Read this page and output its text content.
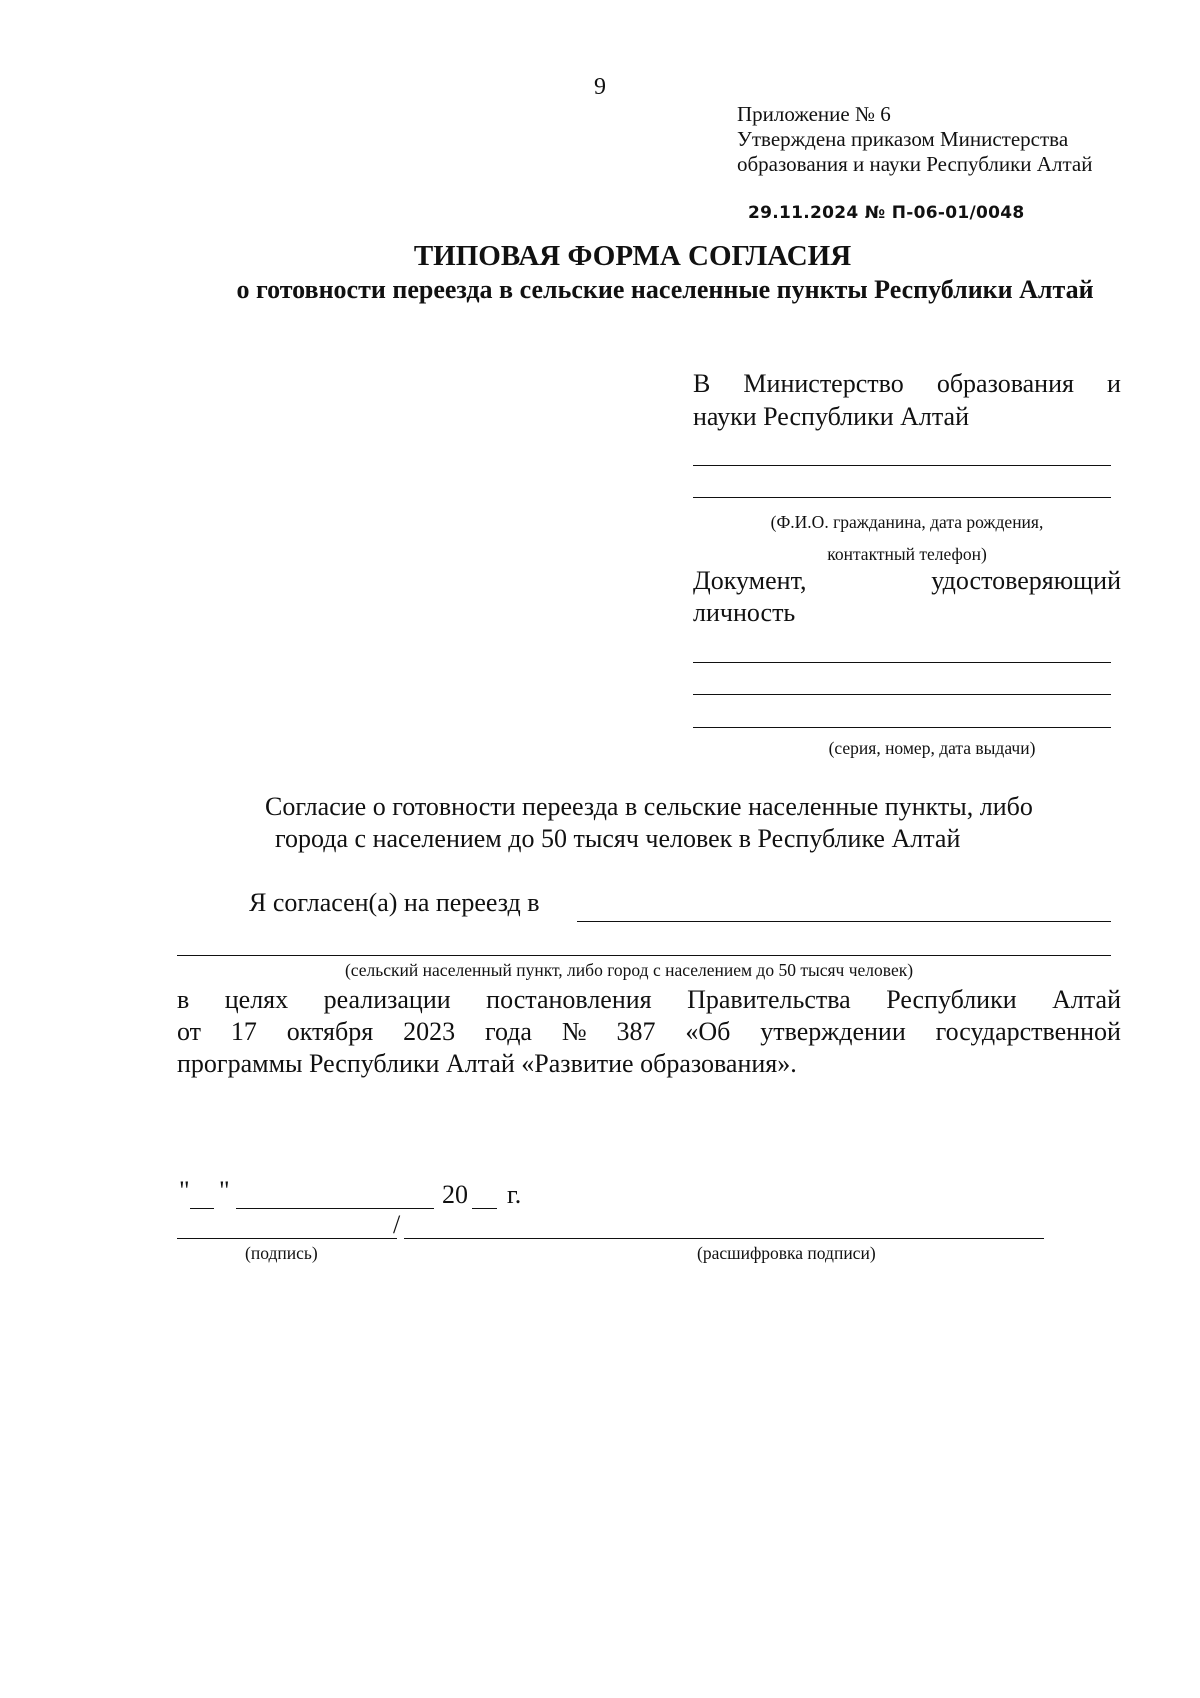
9
Приложение № 6
Утверждена приказом Министерства
образования и науки Республики Алтай
29.11.2024 № П-06-01/0048
ТИПОВАЯ ФОРМА СОГЛАСИЯ
о готовности переезда в сельские населенные пункты Республики Алтай
В Министерство образования и
науки Республики Алтай
(Ф.И.О. гражданина, дата рождения,
контактный телефон)
Документ,	удостоверяющий
личность
(серия, номер, дата выдачи)
Согласие о готовности переезда в сельские населенные пункты, либо
города с населением до 50 тысяч человек в Республике Алтай
Я согласен(а) на переезд в
(сельский населенный пункт, либо город с населением до 50 тысяч человек)
в целях реализации постановления Правительства Республики Алтай
от 17 октября 2023 года № 387 «Об утверждении государственной
программы Республики Алтай «Развитие образования».
" "	20 г.
/
(подпись)	(расшифровка подписи)
